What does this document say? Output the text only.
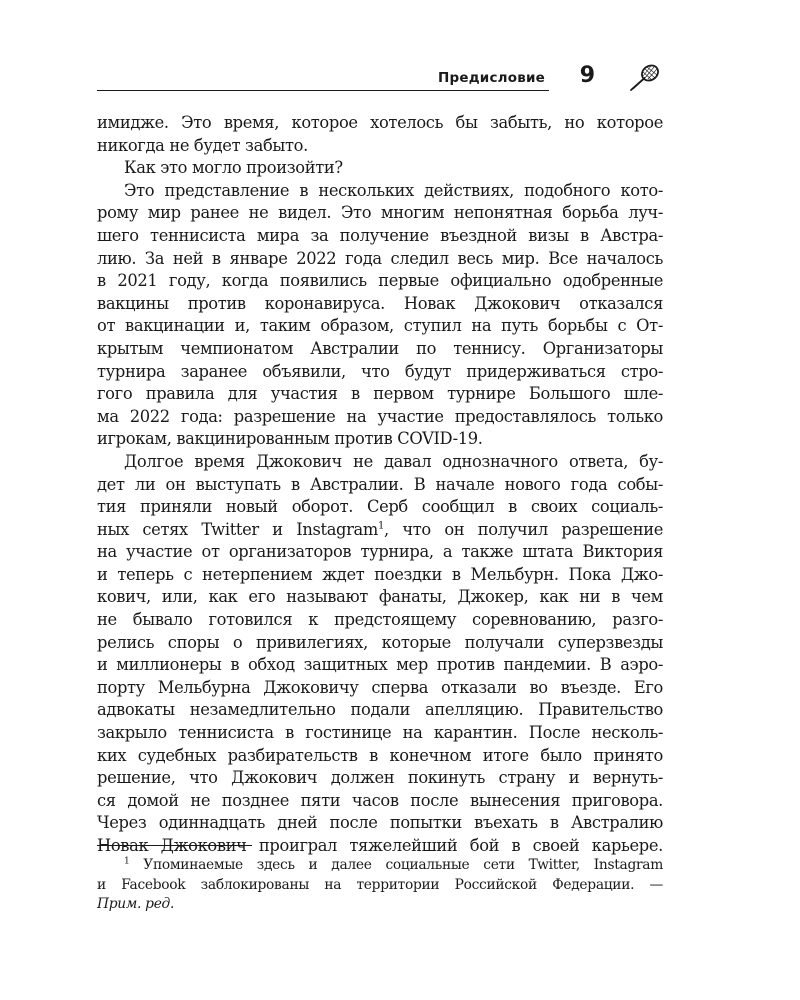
Предисловие 9
имидже. Это время, которое хотелось бы забыть, но которое
никогда не будет забыто.
Как это могло произойти?
Это представление в нескольких действиях, подобного кото-
рому мир ранее не видел. Это многим непонятная борьба луч-
шего теннисиста мира за получение въездной визы в Австра-
лию. За ней в январе 2022 года следил весь мир. Все началось
в 2021 году, когда появились первые официально одобренные
вакцины против коронавируса. Новак Джокович отказался
от вакцинации и, таким образом, ступил на путь борьбы с От-
крытым чемпионатом Австралии по теннису. Организаторы
турнира заранее объявили, что будут придерживаться стро-
гого правила для участия в первом турнире Большого шле-
ма 2022 года: разрешение на участие предоставлялось только
игрокам, вакцинированным против COVID-19.
Долгое время Джокович не давал однозначного ответа, бу-
дет ли он выступать в Австралии. В начале нового года собы-
тия приняли новый оборот. Серб сообщил в своих социаль-
ных сетях Twitter и Instagram$^1$, что он получил разрешение
на участие от организаторов турнира, а также штата Виктория
и теперь с нетерпением ждет поездки в Мельбурн. Пока Джо-
кович, или, как его называют фанаты, Джокер, как ни в чем
не бывало готовился к предстоящему соревнованию, разго-
релись споры о привилегиях, которые получали суперзвезды
и миллионеры в обход защитных мер против пандемии. В аэро-
порту Мельбурна Джоковичу сперва отказали во въезде. Его
адвокаты незамедлительно подали апелляцию. Правительство
закрыло теннисиста в гостинице на карантин. После несколь-
ких судебных разбирательств в конечном итоге было принято
решение, что Джокович должен покинуть страну и вернуть-
ся домой не позднее пяти часов после вынесения приговора.
Через одиннадцать дней после попытки въехать в Австралию
Новак Джокович проиграл тяжелейший бой в своей карьере.
$^1$ Упоминаемые здесь и далее социальные сети Twitter, Instagram
и Facebook заблокированы на территории Российской Федерации. —
Прим. ред.
